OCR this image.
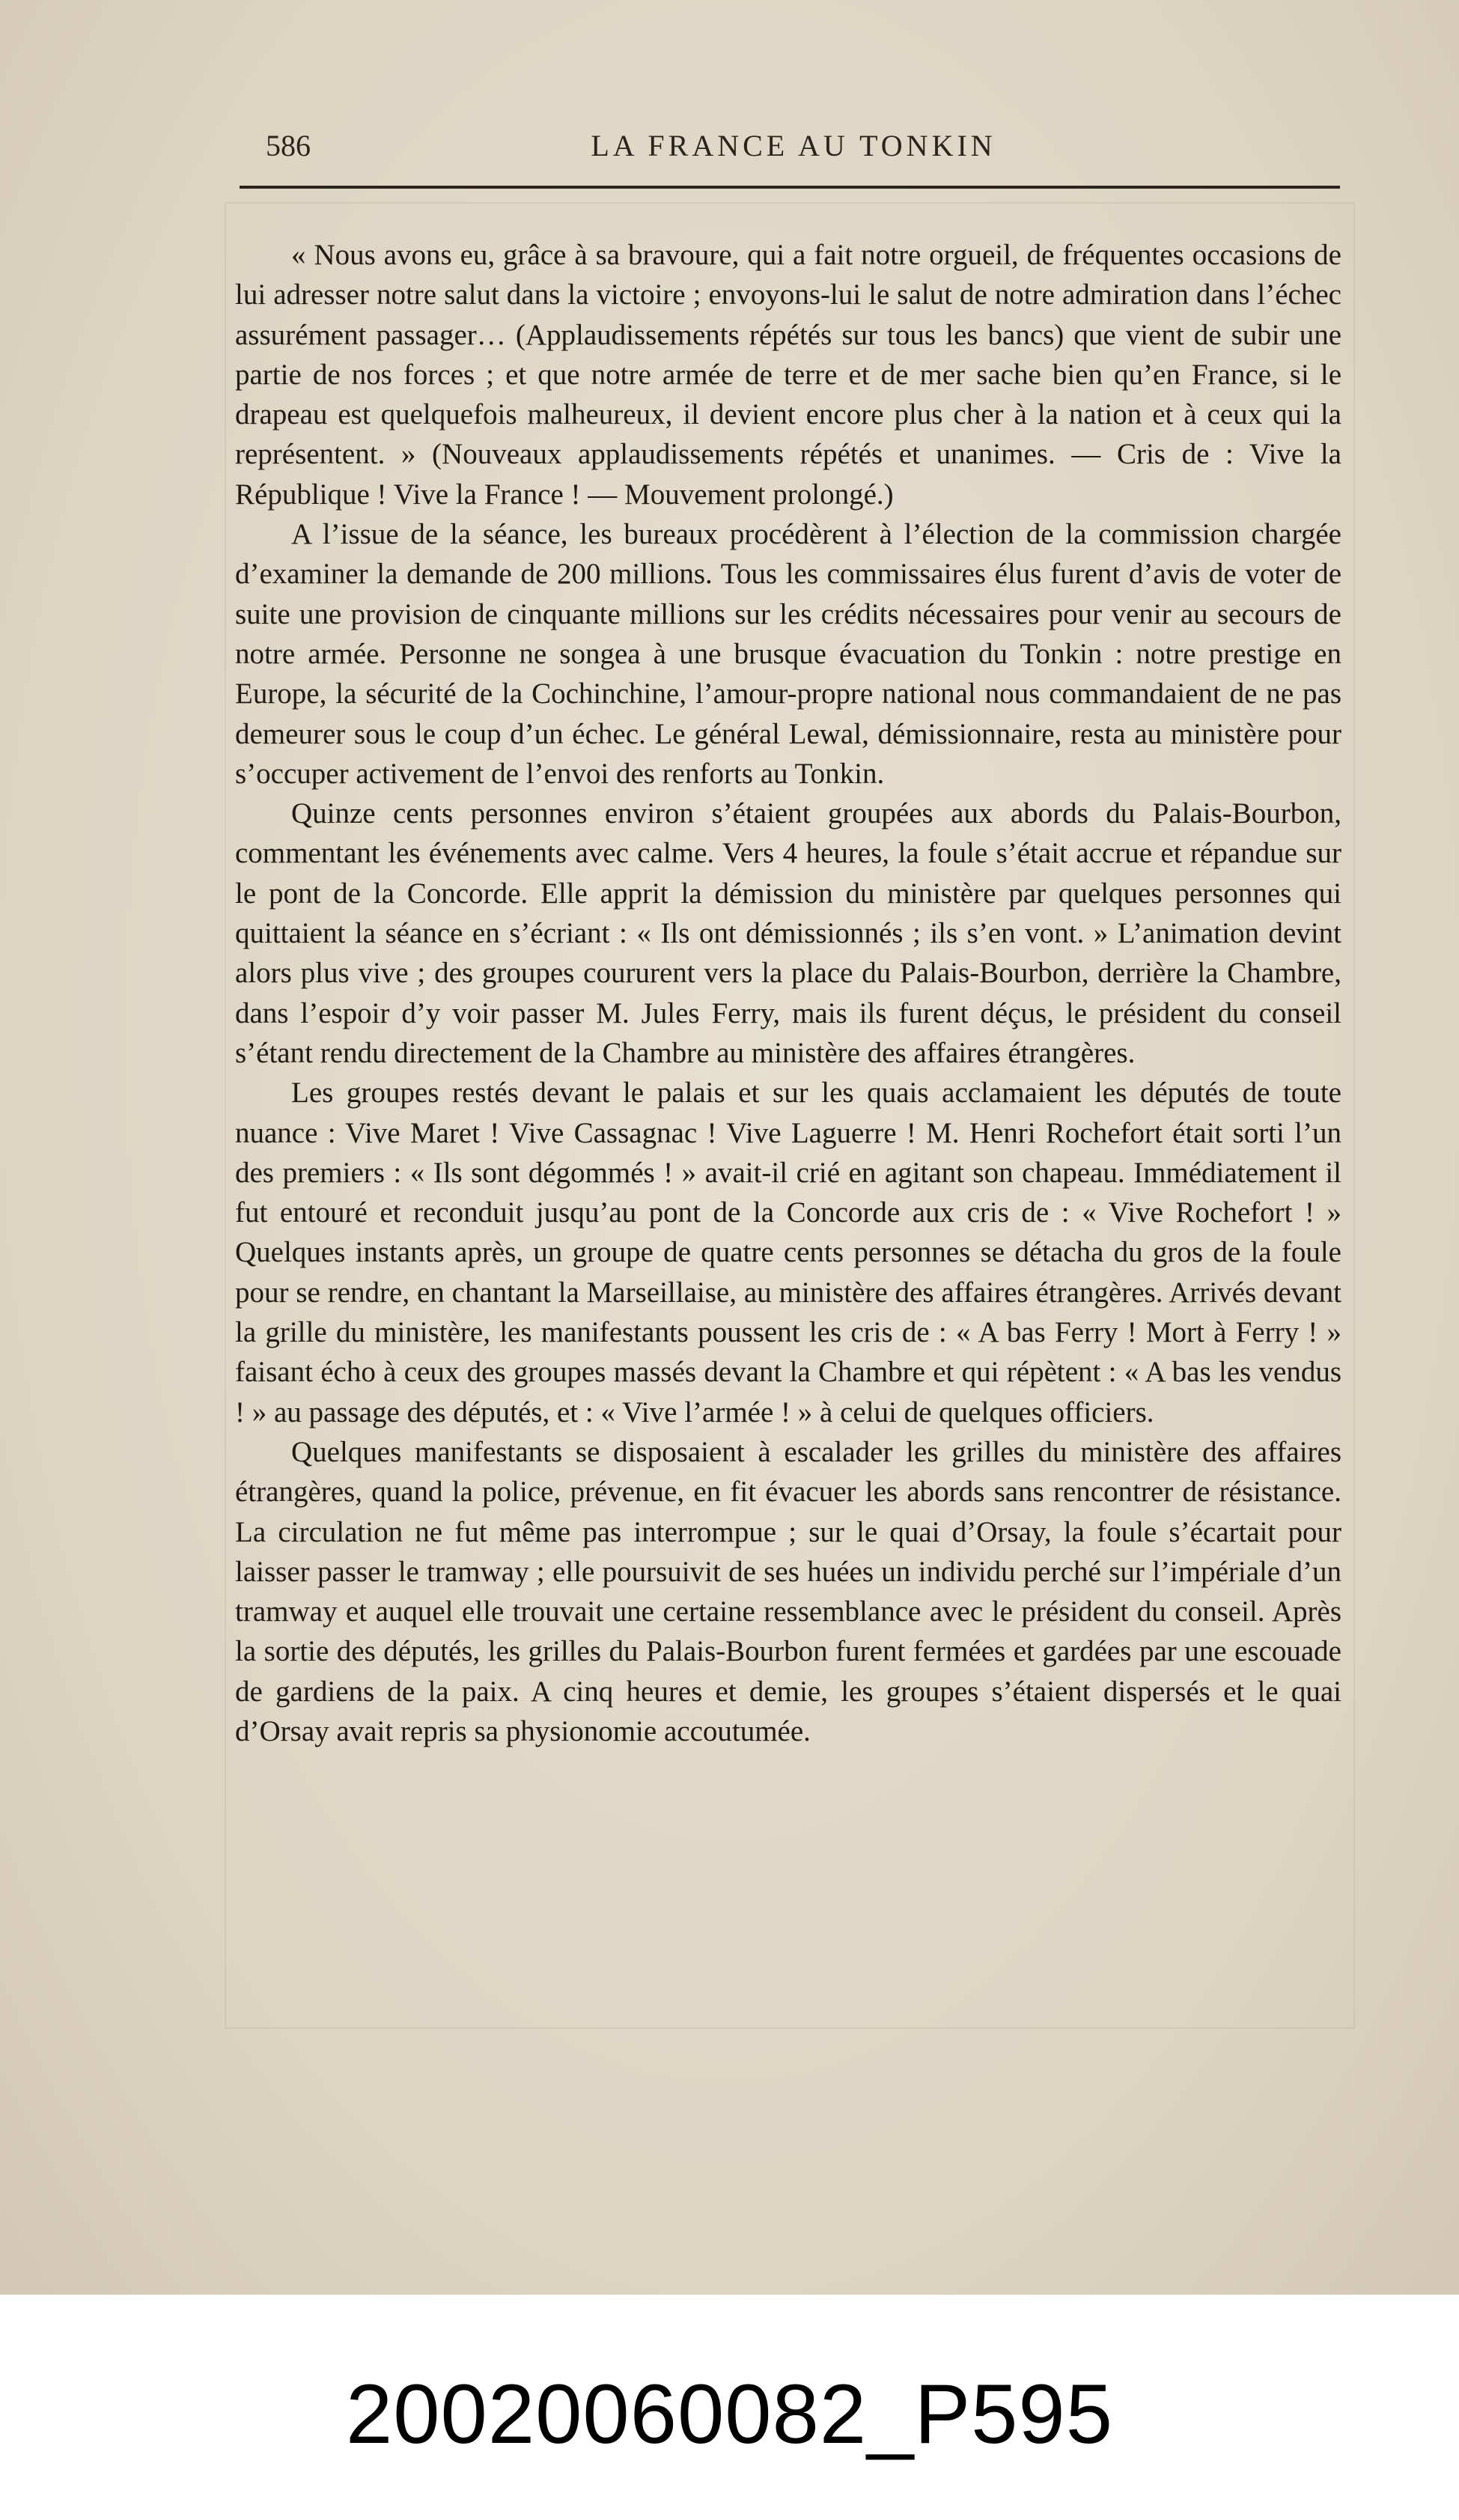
586	LA FRANCE AU TONKIN

« Nous avons eu, grâce à sa bravoure, qui a fait notre orgueil, de fréquentes occasions de lui adresser notre salut dans la victoire ; envoyons-lui le salut de notre admiration dans l’échec assurément passager… (Applaudissements répétés sur tous les bancs) que vient de subir une partie de nos forces ; et que notre armée de terre et de mer sache bien qu’en France, si le drapeau est quelquefois malheureux, il devient encore plus cher à la nation et à ceux qui la représentent. » (Nouveaux applaudissements répétés et unanimes. — Cris de : Vive la République ! Vive la France ! — Mouvement prolongé.)

A l’issue de la séance, les bureaux procédèrent à l’élection de la commission chargée d’examiner la demande de 200 millions. Tous les commissaires élus furent d’avis de voter de suite une provision de cinquante millions sur les crédits nécessaires pour venir au secours de notre armée. Personne ne songea à une brusque évacuation du Tonkin : notre prestige en Europe, la sécurité de la Cochinchine, l’amour-propre national nous commandaient de ne pas demeurer sous le coup d’un échec. Le général Lewal, démissionnaire, resta au ministère pour s’occuper activement de l’envoi des renforts au Tonkin.

Quinze cents personnes environ s’étaient groupées aux abords du Palais-Bourbon, commentant les événements avec calme. Vers 4 heures, la foule s’était accrue et répandue sur le pont de la Concorde. Elle apprit la démission du ministère par quelques personnes qui quittaient la séance en s’écriant : « Ils ont démissionnés ; ils s’en vont. » L’animation devint alors plus vive ; des groupes coururent vers la place du Palais-Bourbon, derrière la Chambre, dans l’espoir d’y voir passer M. Jules Ferry, mais ils furent déçus, le président du conseil s’étant rendu directement de la Chambre au ministère des affaires étrangères.

Les groupes restés devant le palais et sur les quais acclamaient les députés de toute nuance : Vive Maret ! Vive Cassagnac ! Vive Laguerre ! M. Henri Rochefort était sorti l’un des premiers : « Ils sont dégommés ! » avait-il crié en agitant son chapeau. Immédiatement il fut entouré et reconduit jusqu’au pont de la Concorde aux cris de : « Vive Rochefort ! » Quelques instants après, un groupe de quatre cents personnes se détacha du gros de la foule pour se rendre, en chantant la Marseillaise, au ministère des affaires étrangères. Arrivés devant la grille du ministère, les manifestants poussent les cris de : « A bas Ferry ! Mort à Ferry ! » faisant écho à ceux des groupes massés devant la Chambre et qui répètent : « A bas les vendus ! » au passage des députés, et : « Vive l’armée ! » à celui de quelques officiers.

Quelques manifestants se disposaient à escalader les grilles du ministère des affaires étrangères, quand la police, prévenue, en fit évacuer les abords sans rencontrer de résistance. La circulation ne fut même pas interrompue ; sur le quai d’Orsay, la foule s’écartait pour laisser passer le tramway ; elle poursuivit de ses huées un individu perché sur l’impériale d’un tramway et auquel elle trouvait une certaine ressemblance avec le président du conseil. Après la sortie des députés, les grilles du Palais-Bourbon furent fermées et gardées par une escouade de gardiens de la paix. A cinq heures et demie, les groupes s’étaient dispersés et le quai d’Orsay avait repris sa physionomie accoutumée.

20020060082_P595
